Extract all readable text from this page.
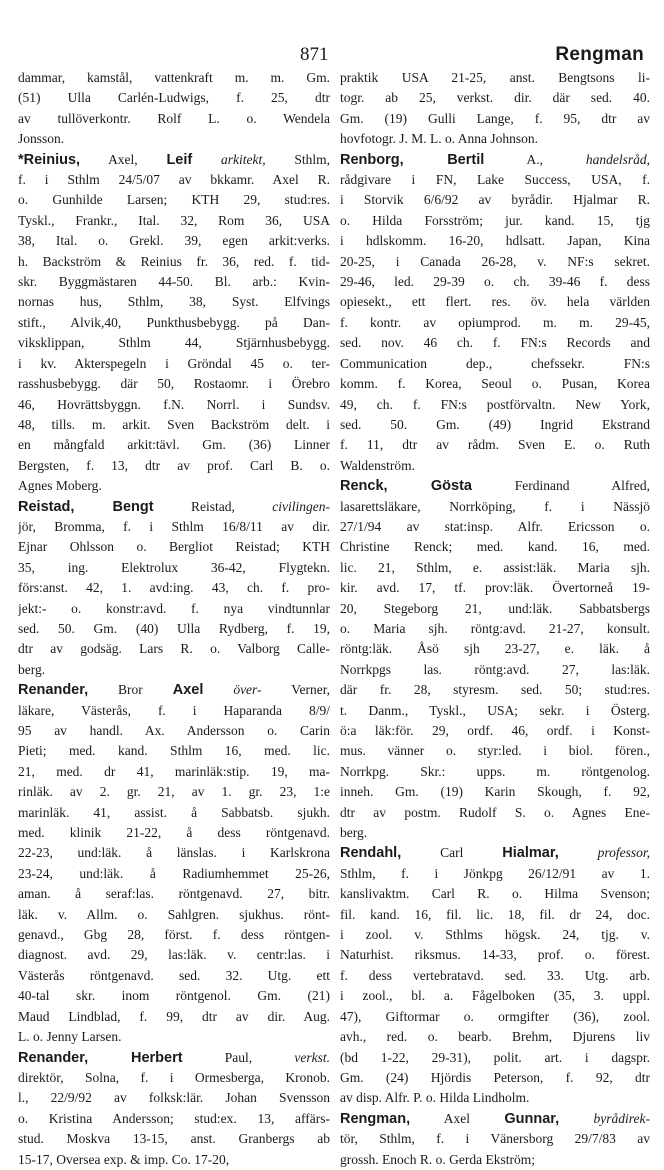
871	Rengman
dammar, kamstål, vattenkraft m. m. Gm.
(51) Ulla Carlén-Ludwigs, f. 25, dtr
av tullöverkontr. Rolf L. o. Wendela
Jonsson.
*Reinius, Axel, Leif arkitekt, Sthlm,
f. i Sthlm 24/5/07 av bkkamr. Axel R.
o. Gunhilde Larsen; KTH 29, stud:res.
Tyskl., Frankr., Ital. 32, Rom 36, USA
38, Ital. o. Grekl. 39, egen arkit:verks.
h. Backström & Reinius fr. 36, red. f. tid-
skr. Byggmästaren 44-50. Bl. arb.: Kvin-
nornas hus, Sthlm, 38, Syst. Elfvings
stift., Alvik,40, Punkthusbebygg. på Dan-
viksklippan, Sthlm 44, Stjärnhusbebygg.
i kv. Akterspegeln i Gröndal 45 o. ter-
rasshusbebygg. där 50, Rostaomr. i Örebro
46, Hovrättsbyggn. f.N. Norrl. i Sundsv.
48, tills. m. arkit. Sven Backström delt. i
en mångfald arkit:tävl. Gm. (36) Linner
Bergsten, f. 13, dtr av prof. Carl B. o.
Agnes Moberg.
Reistad, Bengt	Reistad,	civilingen-
jör, Bromma, f. i Sthlm 16/8/11 av dir.
Ejnar Ohlsson o. Bergliot Reistad; KTH
35, ing. Elektrolux 36-42, Flygtekn.
förs:anst. 42, 1. avd:ing. 43, ch. f. pro-
jekt:- o. konstr:avd. f. nya vindtunnlar
sed. 50. Gm. (40) Ulla Rydberg, f. 19,
dtr av godsäg. Lars R. o. Valborg Calle-
berg.
Renander, Bror Axel över- Verner,
läkare, Västerås, f. i Haparanda 8/9/
95 av handl. Ax. Andersson o. Carin
Pieti; med. kand. Sthlm 16, med. lic.
21, med. dr 41, marinläk:stip. 19, ma-
rinläk. av 2. gr. 21, av 1. gr. 23, 1:e
marinläk. 41, assist. å Sabbatsb. sjukh.
med. klinik 21-22, å dess röntgenavd.
22-23, und:läk. å länslas. i Karlskrona
23-24, und:läk. å Radiumhemmet 25-26,
aman. å seraf:las. röntgenavd. 27, bitr.
läk. v. Allm. o. Sahlgren. sjukhus. rönt-
genavd., Gbg 28, först. f. dess röntgen-
diagnost. avd. 29, las:läk. v. centr:las. i
Västerås röntgenavd. sed. 32. Utg. ett
40-tal skr. inom röntgenol. Gm. (21)
Maud Lindblad, f. 99, dtr av dir. Aug.
L. o. Jenny Larsen.
Renander, Herbert	Paul,	verkst.
direktör, Solna, f. i Ormesberga, Kronob.
l., 22/9/92 av folksk:lär. Johan Svensson
o. Kristina Andersson; stud:ex. 13, affärs-
stud. Moskva 13-15, anst. Granbergs ab
15-17, Oversea exp. & imp. Co. 17-20,
praktik USA 21-25, anst. Bengtsons li-
togr. ab 25, verkst. dir. där sed. 40.
Gm. (19) Gulli Lange, f. 95, dtr av
hovfotogr. J. M. L. o. Anna Johnson.
Renborg, Bertil	A.,	handelsråd,
rådgivare i FN, Lake Success, USA, f.
i Storvik 6/6/92 av byrådir. Hjalmar R.
o. Hilda Forsström; jur. kand. 15, tjg
i hdlskomm. 16-20, hdlsatt. Japan, Kina
20-25, i Canada 26-28, v. NF:s sekret.
29-46, led. 29-39 o. ch. 39-46 f. dess
opiesekt., ett flert. res. öv. hela världen
f. kontr. av opiumprod. m. m. 29-45,
sed. nov. 46 ch. f. FN:s Records and
Communication dep., chefssekr. FN:s
komm. f. Korea, Seoul o. Pusan, Korea
49, ch. f. FN:s postförvaltn. New York,
sed. 50. Gm. (49) Ingrid Ekstrand
f. 11, dtr av rådm. Sven E. o. Ruth
Waldenström.
Renck, Gösta	Ferdinand Alfred,
lasarettsläkare, Norrköping, f. i Nässjö
27/1/94 av stat:insp. Alfr. Ericsson o.
Christine Renck; med. kand. 16, med.
lic. 21, Sthlm, e. assist:läk. Maria sjh.
kir. avd. 17, tf. prov:läk. Övertorneå 19-
20, Stegeborg 21, und:läk. Sabbatsbergs
o. Maria sjh. röntg:avd. 21-27, konsult.
röntg:läk. Åsö sjh 23-27, e. läk. å
Norrkpgs las. röntg:avd. 27, las:läk.
där fr. 28, styresm. sed. 50; stud:res.
t. Danm., Tyskl., USA; sekr. i Österg.
ö:a läk:för. 29, ordf. 46, ordf. i Konst-
mus. vänner o. styr:led. i biol. fören.,
Norrkpg. Skr.: upps. m. röntgenolog.
inneh. Gm. (19) Karin Skough, f. 92,
dtr av postm. Rudolf S. o. Agnes Ene-
berg.
Rendahl,	Carl	Hialmar,	professor,
Sthlm, f. i Jönkpg 26/12/91 av 1.
kanslivaktm. Carl R. o. Hilma Svenson;
fil. kand. 16, fil. lic. 18, fil. dr 24, doc.
i zool. v. Sthlms högsk. 24, tjg. v.
Naturhist. riksmus. 14-33, prof. o. förest.
f. dess vertebratavd. sed. 33. Utg. arb.
i zool., bl. a. Fågelboken (35, 3. uppl.
47), Giftormar o. ormgifter (36), zool.
avh., red. o. bearb. Brehm, Djurens liv
(bd 1-22, 29-31), polit. art. i dagspr.
Gm. (24) Hjördis Peterson, f. 92, dtr
av disp. Alfr. P. o. Hilda Lindholm.
Rengman, Axel Gunnar,	byrådirek-
tör, Sthlm, f. i Vänersborg 29/7/83 av
grossh. Enoch R. o. Gerda Ekström;
